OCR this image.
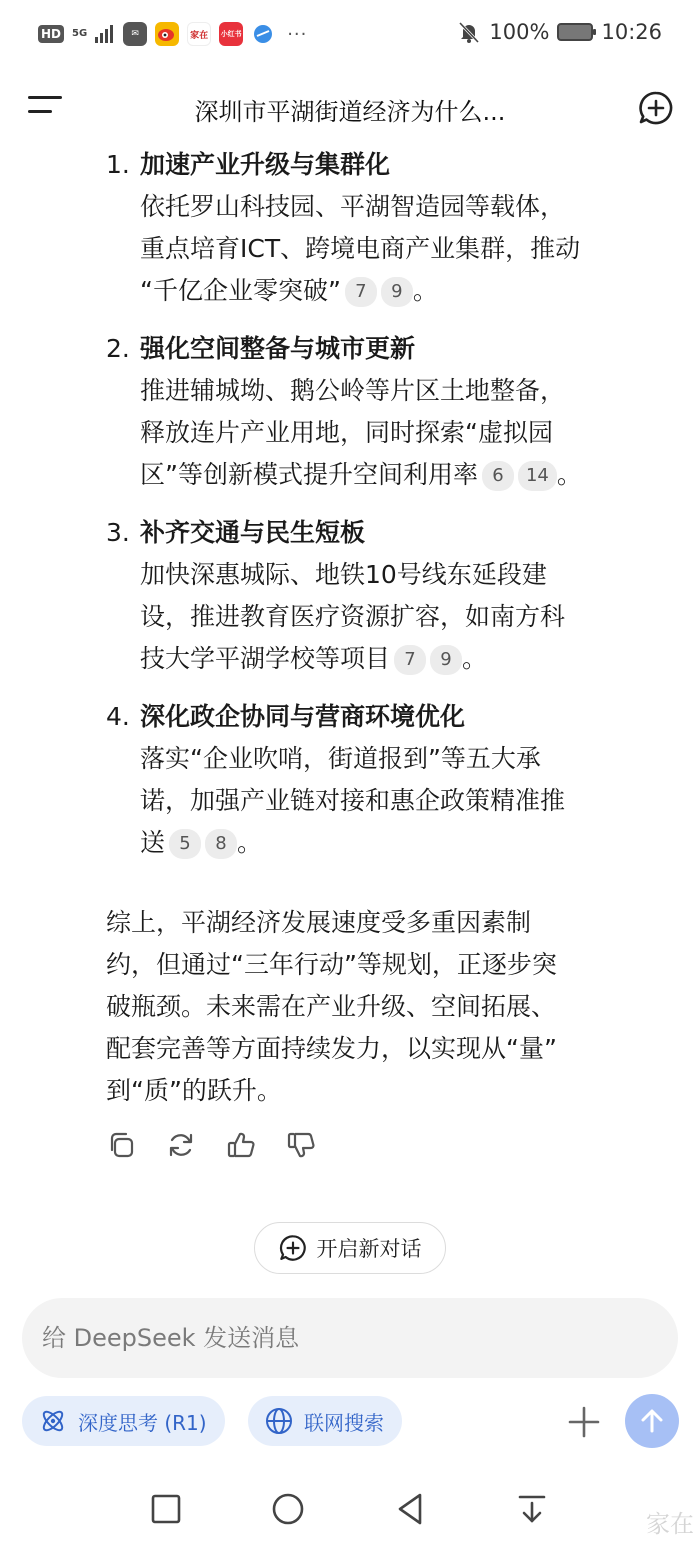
HD	5G	✉	家在	小红书	···	100% 10:26
深圳市平湖街道经济为什么...
1. 加速产业升级与集群化
依托罗山科技园、平湖智造园等载体，
重点培育ICT、跨境电商产业集群，推动
“千亿企业零突破” 7 9 。
2. 强化空间整备与城市更新
推进辅城坳、鹅公岭等片区土地整备，
释放连片产业用地，同时探索“虚拟园
区”等创新模式提升空间利用率 6 14 。
3. 补齐交通与民生短板
加快深惠城际、地铁10号线东延段建
设，推进教育医疗资源扩容，如南方科
技大学平湖学校等项目 7 9 。
4. 深化政企协同与营商环境优化
落实“企业吹哨，街道报到”等五大承
诺，加强产业链对接和惠企政策精准推
送 5 8 。
综上，平湖经济发展速度受多重因素制
约，但通过“三年行动”等规划，正逐步突
破瓶颈。未来需在产业升级、空间拓展、
配套完善等方面持续发力，以实现从“量”
到“质”的跃升。
开启新对话
给 DeepSeek 发送消息
深度思考 (R1)	联网搜索
家在
